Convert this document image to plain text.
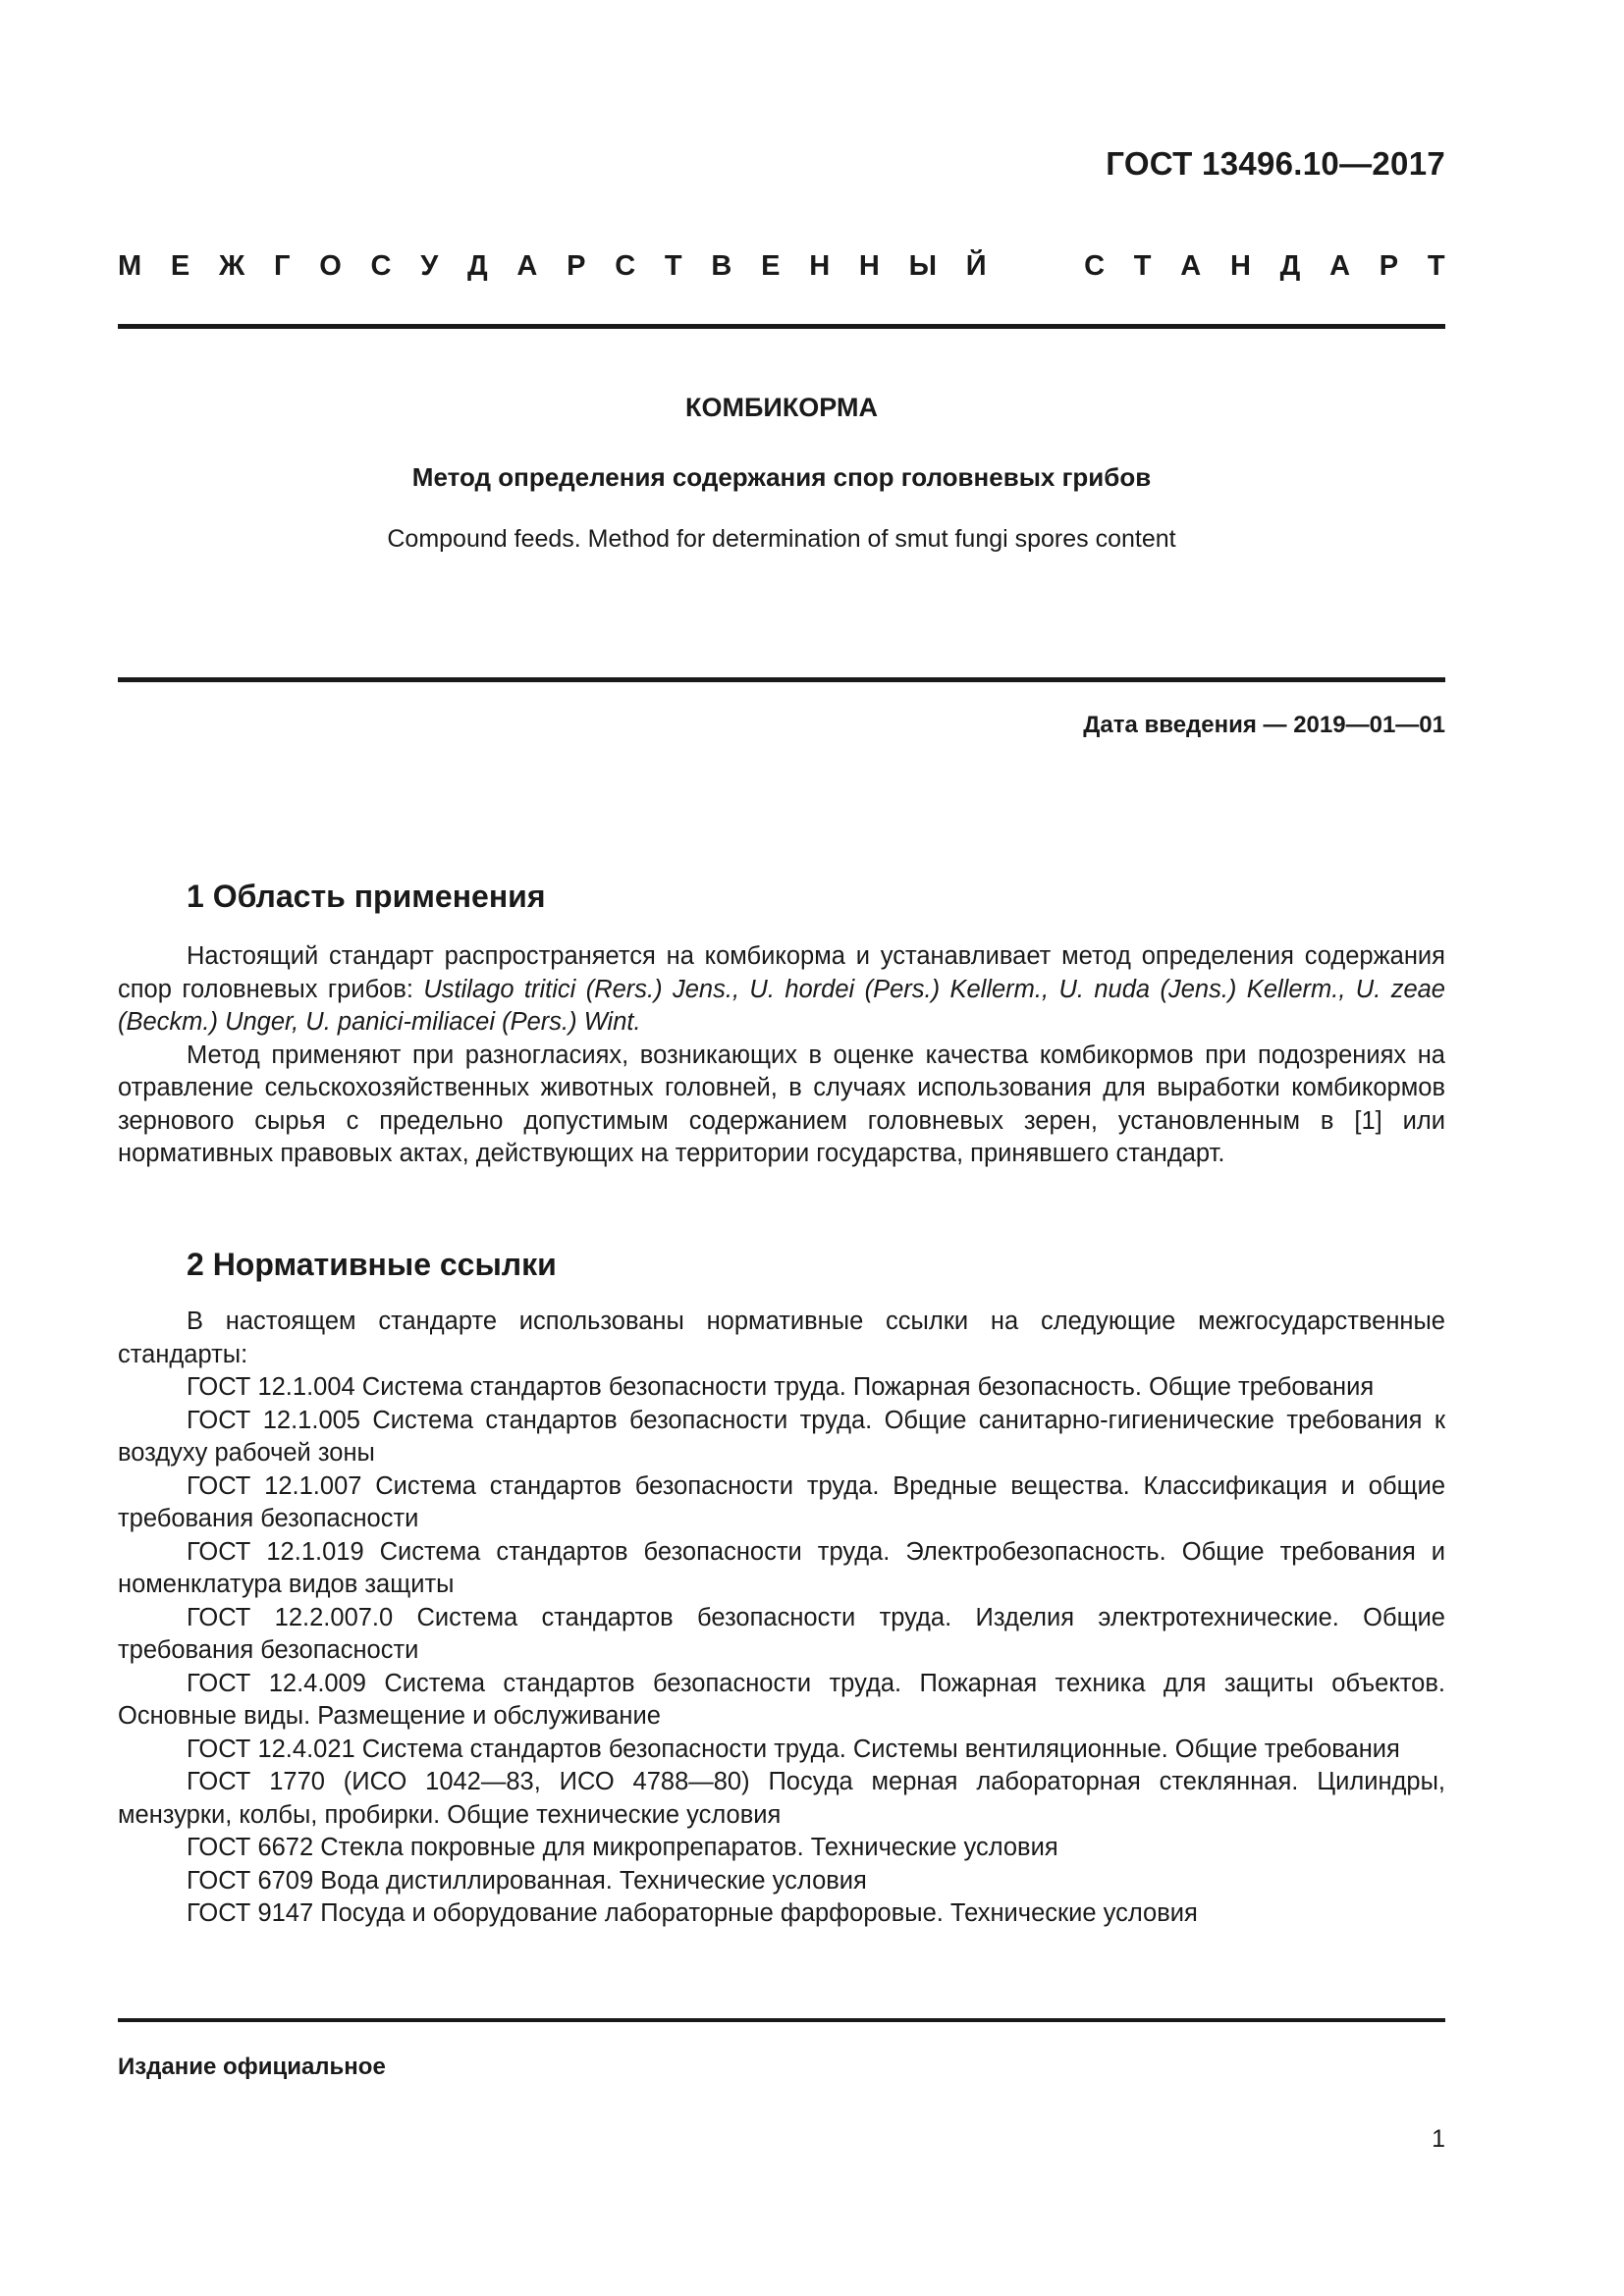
ГОСТ 13496.10—2017
М Е Ж Г О С У Д А Р С Т В Е Н Н Ы Й	С Т А Н Д А Р Т
КОМБИКОРМА
Метод определения содержания спор головневых грибов
Compound feeds. Method for determination of smut fungi spores content
Дата введения — 2019—01—01
1 Область применения

Настоящий стандарт распространяется на комбикорма и устанавливает метод определения содержания спор головневых грибов: Ustilago tritici (Rers.) Jens., U. hordei (Pers.) Kellerm., U. nuda (Jens.) Kellerm., U. zeae (Beckm.) Unger, U. panici-miliacei (Pers.) Wint.

Метод применяют при разногласиях, возникающих в оценке качества комбикормов при подозрениях на отравление сельскохозяйственных животных головней, в случаях использования для выработки комбикормов зернового сырья с предельно допустимым содержанием головневых зерен, установленным в [1] или нормативных правовых актах, действующих на территории государства, принявшего стандарт.

2 Нормативные ссылки

В настоящем стандарте использованы нормативные ссылки на следующие межгосударственные стандарты:

ГОСТ 12.1.004 Система стандартов безопасности труда. Пожарная безопасность. Общие требования

ГОСТ 12.1.005 Система стандартов безопасности труда. Общие санитарно-гигиенические требования к воздуху рабочей зоны

ГОСТ 12.1.007 Система стандартов безопасности труда. Вредные вещества. Классификация и общие требования безопасности

ГОСТ 12.1.019 Система стандартов безопасности труда. Электробезопасность. Общие требования и номенклатура видов защиты

ГОСТ 12.2.007.0 Система стандартов безопасности труда. Изделия электротехнические. Общие требования безопасности

ГОСТ 12.4.009 Система стандартов безопасности труда. Пожарная техника для защиты объектов. Основные виды. Размещение и обслуживание

ГОСТ 12.4.021 Система стандартов безопасности труда. Системы вентиляционные. Общие требования

ГОСТ 1770 (ИСО 1042—83, ИСО 4788—80) Посуда мерная лабораторная стеклянная. Цилиндры, мензурки, колбы, пробирки. Общие технические условия

ГОСТ 6672 Стекла покровные для микропрепаратов. Технические условия

ГОСТ 6709 Вода дистиллированная. Технические условия

ГОСТ 9147 Посуда и оборудование лабораторные фарфоровые. Технические условия

Издание официальное
1
